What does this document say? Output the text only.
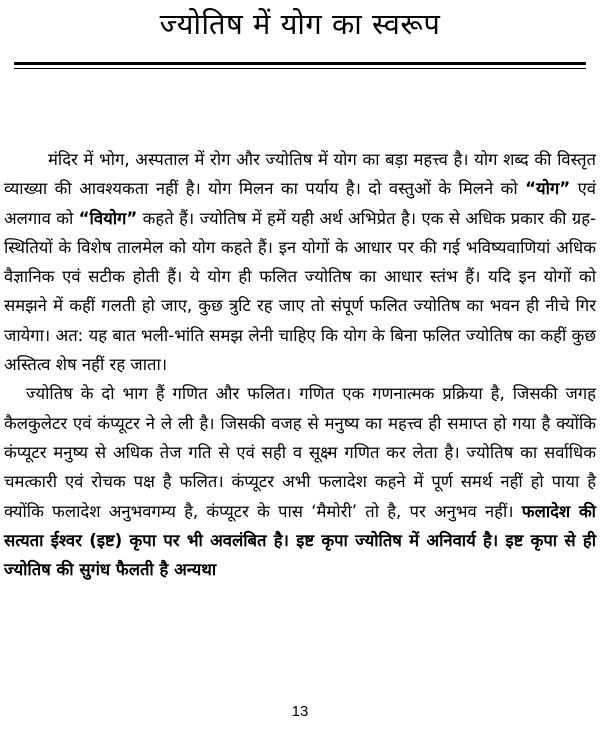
ज्योतिष में योग का स्वरूप

मंदिर में भोग, अस्पताल में रोग और ज्योतिष में योग का बड़ा महत्त्व है। योग शब्द की विस्तृत व्याख्या की आवश्यकता नहीं है। योग मिलन का पर्याय है। दो वस्तुओं के मिलने को “योग” एवं अलगाव को “वियोग” कहते हैं। ज्योतिष में हमें यही अर्थ अभिप्रेत है। एक से अधिक प्रकार की ग्रह-स्थितियों के विशेष तालमेल को योग कहते हैं। इन योगों के आधार पर की गई भविष्यवाणियां अधिक वैज्ञानिक एवं सटीक होती हैं। ये योग ही फलित ज्योतिष का आधार स्तंभ हैं। यदि इन योगों को समझने में कहीं गलती हो जाए, कुछ त्रुटि रह जाए तो संपूर्ण फलित ज्योतिष का भवन ही नीचे गिर जायेगा। अत: यह बात भली-भांति समझ लेनी चाहिए कि योग के बिना फलित ज्योतिष का कहीं कुछ अस्तित्व शेष नहीं रह जाता।

ज्योतिष के दो भाग हैं गणित और फलित। गणित एक गणनात्मक प्रक्रिया है, जिसकी जगह कैलकुलेटर एवं कंप्यूटर ने ले ली है। जिसकी वजह से मनुष्य का महत्त्व ही समाप्त हो गया है क्योंकि कंप्यूटर मनुष्य से अधिक तेज गति से एवं सही व सूक्ष्म गणित कर लेता है। ज्योतिष का सर्वाधिक चमत्कारी एवं रोचक पक्ष है फलित। कंप्यूटर अभी फलादेश कहने में पूर्ण समर्थ नहीं हो पाया है क्योंकि फलादेश अनुभवगम्य है, कंप्यूटर के पास ‘मैमोरी’ तो है, पर अनुभव नहीं। फलादेश की सत्यता ईश्वर (इष्ट) कृपा पर भी अवलंबित है। इष्ट कृपा ज्योतिष में अनिवार्य है। इष्ट कृपा से ही ज्योतिष की सुगंध फैलती है अन्यथा

13
